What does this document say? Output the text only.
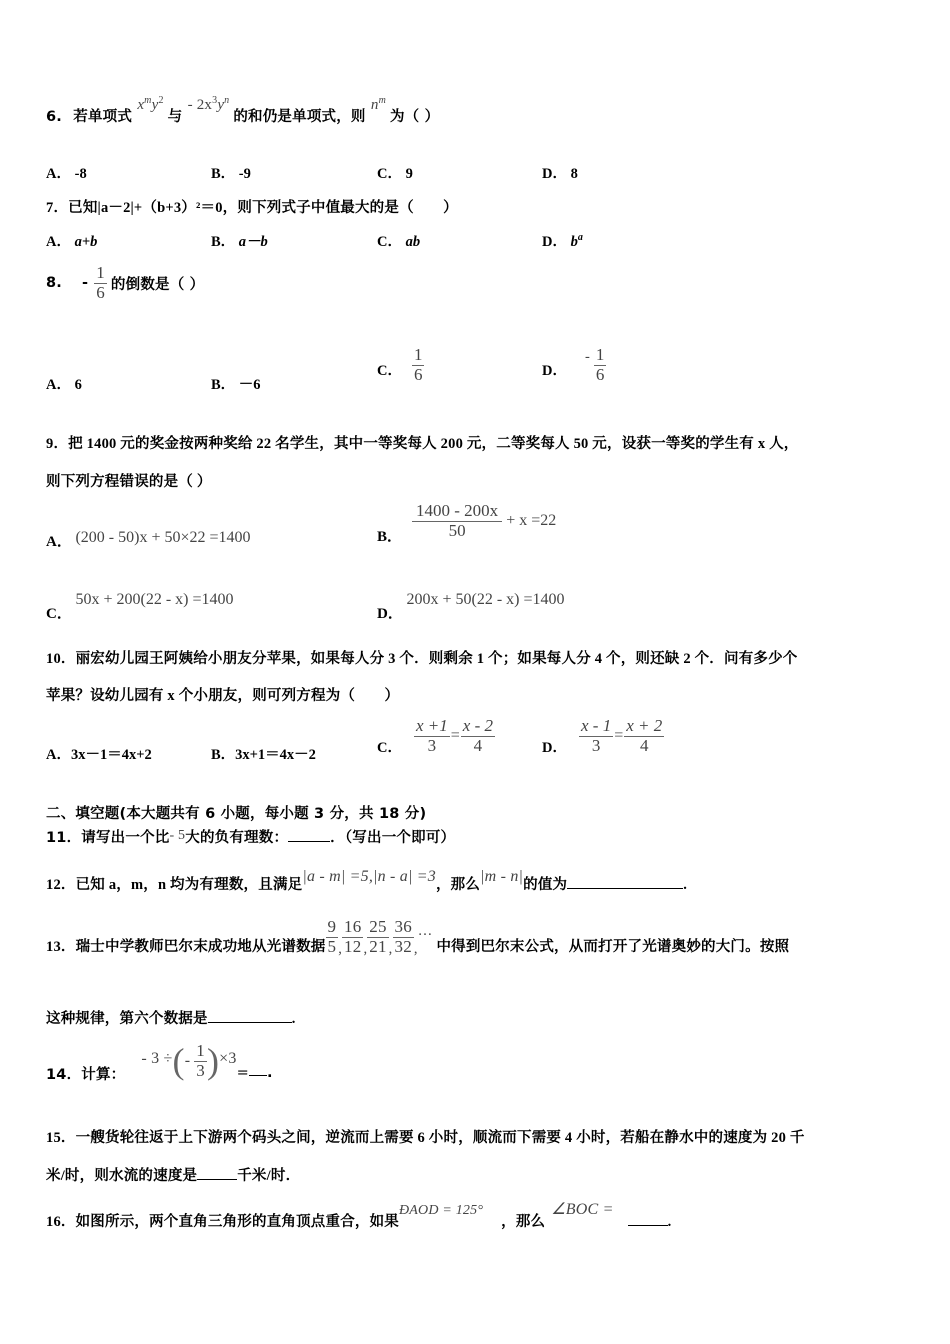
6. 若单项式 $x^my^2$ 与 - $2x^3y^n$ 的和仍是单项式，则 $n^m$ 为（ ）
A． -8	B． -9	C． 9	D． 8
7．已知|a－2|+（b+3）²＝0，则下列式子中值最大的是（　　）
A． a+b	B． a－b	C． ab	D． $b^a$
8. - $\frac{1}{6}$ 的倒数是（ ）
A． 6	B． －6
C． $\frac{1}{6}$	D．
- $\frac{1}{6}$
9．把 1400 元的奖金按两种奖给 22 名学生，其中一等奖每人 200 元，二等奖每人 50 元，设获一等奖的学生有 x 人，
则下列方程错误的是（ ）
A． (200 - 50)x + 50×22 =1400	B． $\frac{1400 - 200x}{50} + x =22$
C． 50x + 200(22 - x) =1400
D． 200x + 50(22 - x) =1400
10．丽宏幼儿园王阿姨给小朋友分苹果，如果每人分 3 个．则剩余 1 个；如果每人分 4 个，则还缺 2 个．问有多少个
苹果？设幼儿园有 x 个小朋友，则可列方程为（　　）
A．3x－1＝4x+2	B．3x+1＝4x－2	C． $\frac{x +1}{3} = \frac{x - 2}{4}$	D． $\frac{x - 1}{3} = \frac{x + 2}{4}$
二、填空题(本大题共有 6 小题，每小题 3 分，共 18 分)
11．请写出一个比- 5大的负有理数：	．（写出一个即可）
12．已知 a，m，n 均为有理数，且满足|a - m| =5,|n - a| =3，那么|m - n|的值为	.
13．瑞士中学教师巴尔末成功地从光谱数据 $\frac{9}{5}$ , $\frac{16}{12}$ , $\frac{25}{21}$ , $\frac{36}{32}$ ,
…
中得到巴尔末公式，从而打开了光谱奥妙的大门。按照
这种规律，第六个数据是	.
14．计算：
- 3 ÷ ( - $\frac{1}{3}$ ) ×3
= .
15．一艘货轮往返于上下游两个码头之间，逆流而上需要 6 小时，顺流而下需要 4 小时，若船在静水中的速度为 20 千
米/时，则水流的速度是	千米/时．
16．如图所示，两个直角三角形的直角顶点重合，如果ÐAOD = 125°，那么∠BOC =.
